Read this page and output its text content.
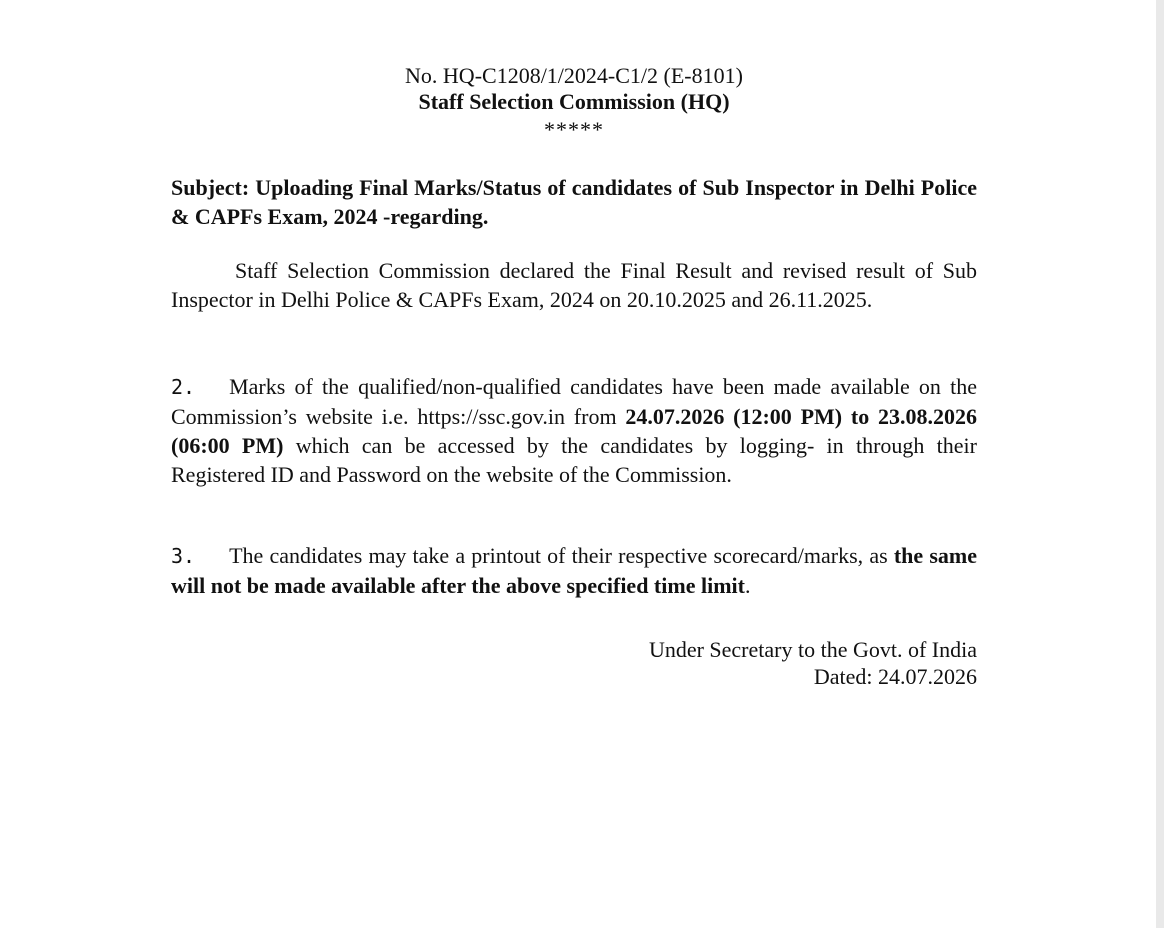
No. HQ-C1208/1/2024-C1/2 (E-8101)
Staff Selection Commission (HQ)
*****
Subject: Uploading Final Marks/Status of candidates of Sub Inspector in Delhi Police & CAPFs Exam, 2024 -regarding.
Staff Selection Commission declared the Final Result and revised result of Sub Inspector in Delhi Police & CAPFs Exam, 2024 on 20.10.2025 and 26.11.2025.
2. Marks of the qualified/non-qualified candidates have been made available on the Commission’s website i.e. https://ssc.gov.in from 24.07.2026 (12:00 PM) to 23.08.2026 (06:00 PM) which can be accessed by the candidates by logging- in through their Registered ID and Password on the website of the Commission.
3. The candidates may take a printout of their respective scorecard/marks, as the same will not be made available after the above specified time limit.
Under Secretary to the Govt. of India
Dated: 24.07.2026
